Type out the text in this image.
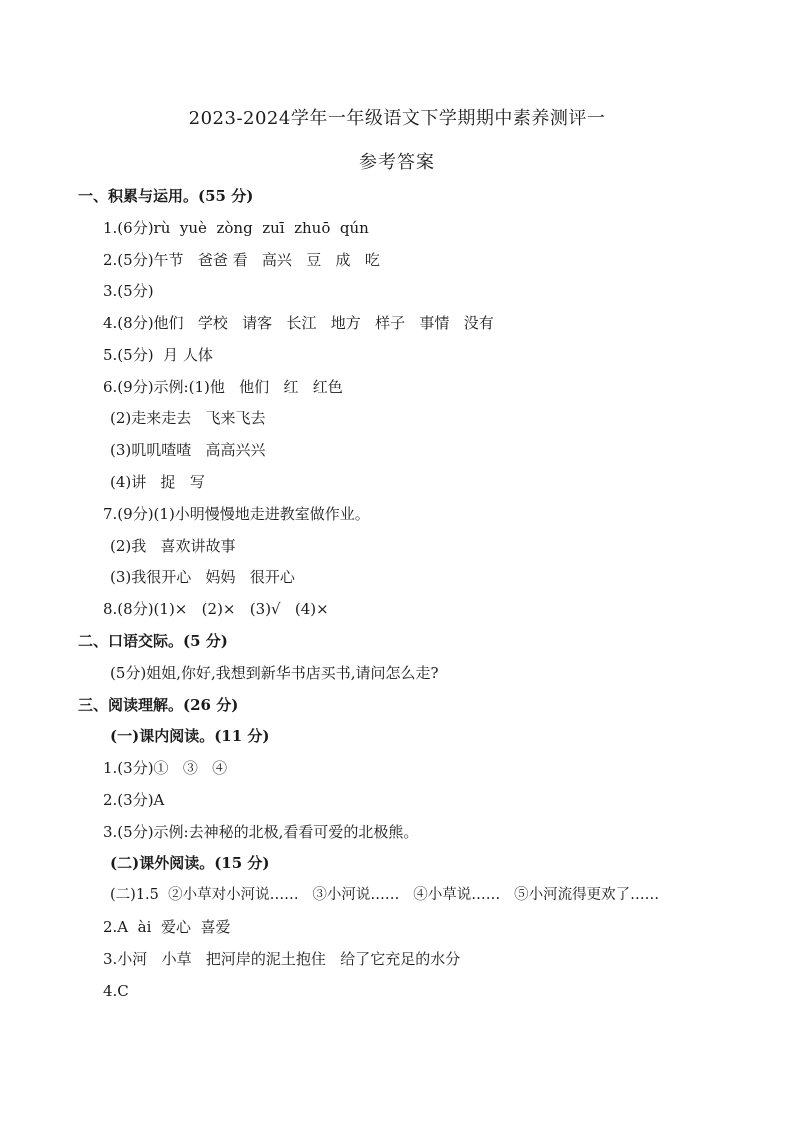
2023-2024学年一年级语文下学期期中素养测评一
参考答案
一、积累与运用。(55 分)
1.(6分)rù  yuè  zòng  zuī  zhuō  qún
2.(5分)午节   爸爸 看   高兴   豆   成   吃
3.(5分)
4.(8分)他们   学校   请客   长江   地方   样子   事情   没有
5.(5分)  月 人体
6.(9分)示例:(1)他   他们   红   红色
(2)走来走去   飞来飞去
(3)叽叽喳喳   高高兴兴
(4)讲   捉   写
7.(9分)(1)小明慢慢地走进教室做作业。
(2)我   喜欢讲故事
(3)我很开心   妈妈   很开心
8.(8分)(1)×   (2)×   (3)√   (4)×
二、口语交际。(5 分)
(5分)姐姐,你好,我想到新华书店买书,请问怎么走?
三、阅读理解。(26 分)
(一)课内阅读。(11 分)
1.(3分)①   ③   ④
2.(3分)A
3.(5分)示例:去神秘的北极,看看可爱的北极熊。
(二)课外阅读。(15 分)
(二)1.5  ②小草对小河说……   ③小河说……   ④小草说……   ⑤小河流得更欢了……
2.A  ài  爱心  喜爱
3.小河   小草   把河岸的泥土抱住   给了它充足的水分
4.C
